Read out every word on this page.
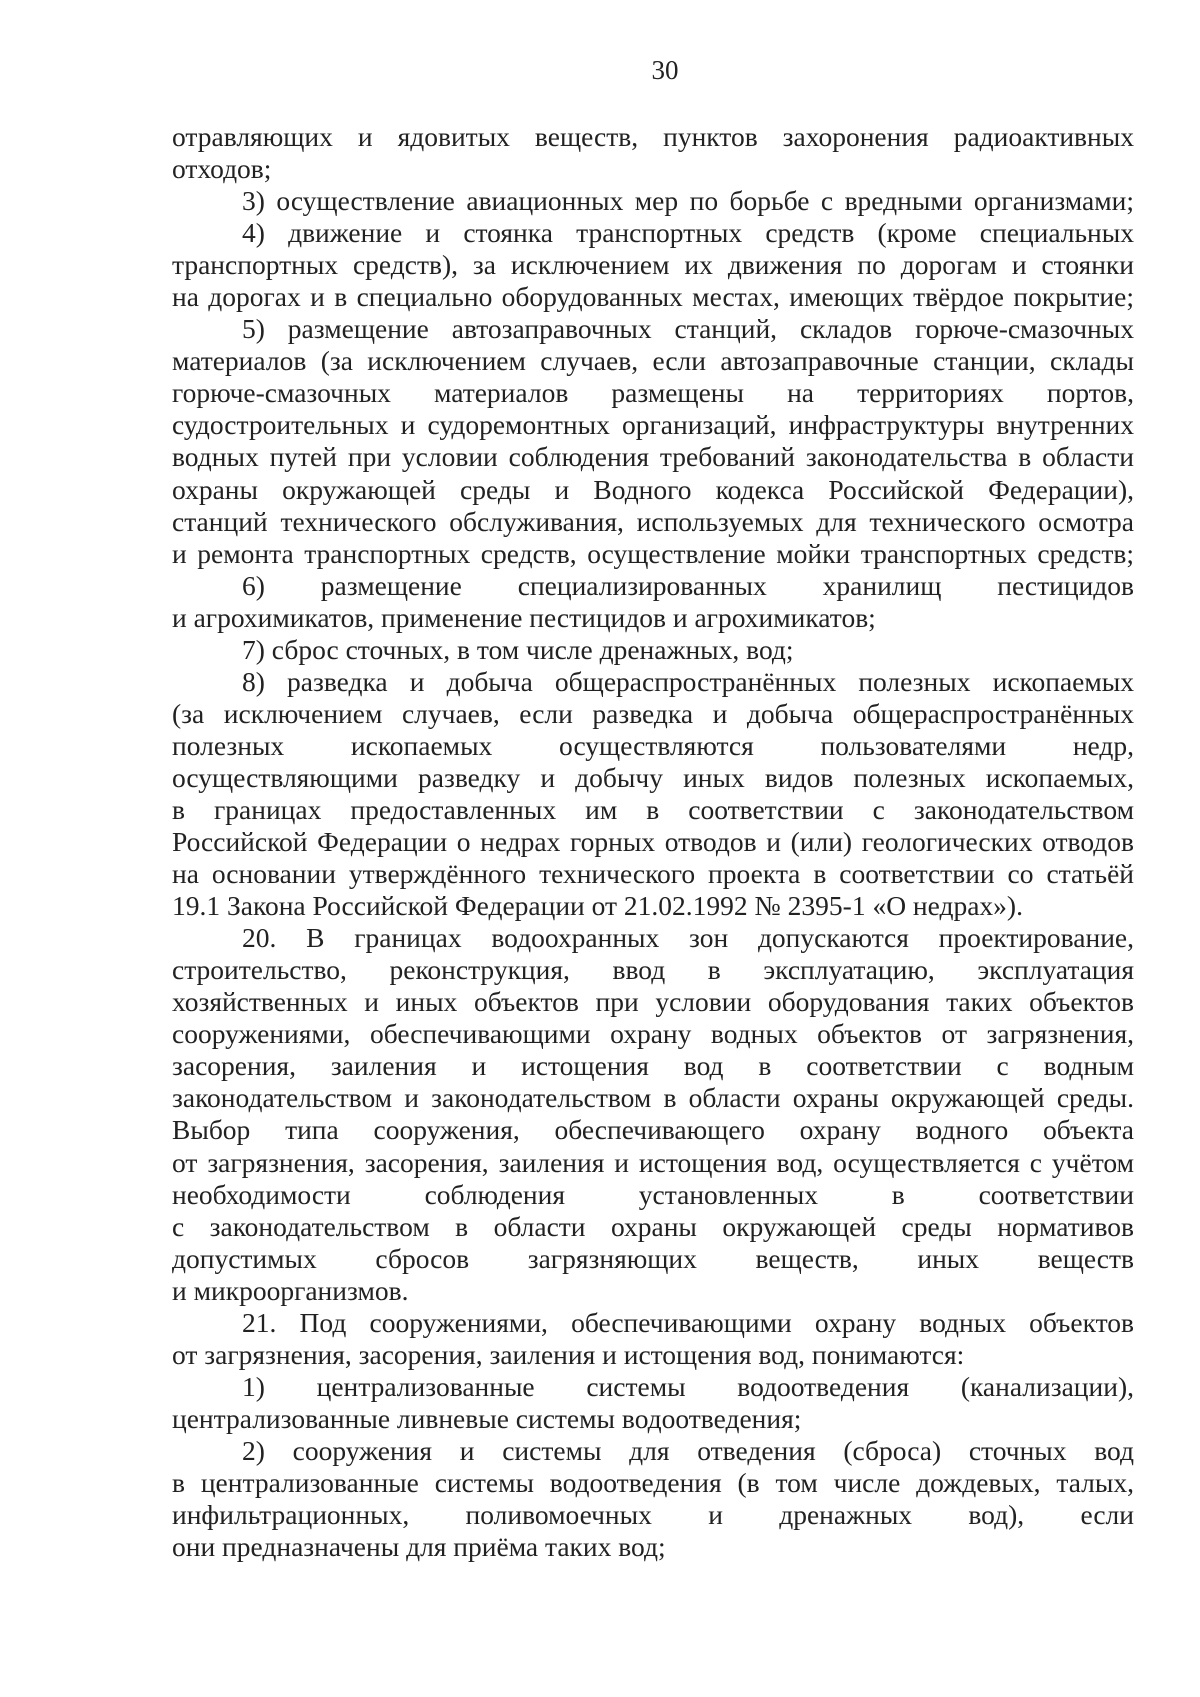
30
отравляющих и ядовитых веществ, пунктов захоронения радиоактивных
отходов;
3) осуществление авиационных мер по борьбе с вредными организмами;
4) движение и стоянка транспортных средств (кроме специальных
транспортных средств), за исключением их движения по дорогам и стоянки
на дорогах и в специально оборудованных местах, имеющих твёрдое покрытие;
5) размещение автозаправочных станций, складов горюче-смазочных
материалов (за исключением случаев, если автозаправочные станции, склады
горюче-смазочных материалов размещены на территориях портов,
судостроительных и судоремонтных организаций, инфраструктуры внутренних
водных путей при условии соблюдения требований законодательства в области
охраны окружающей среды и Водного кодекса Российской Федерации),
станций технического обслуживания, используемых для технического осмотра
и ремонта транспортных средств, осуществление мойки транспортных средств;
6) размещение специализированных хранилищ пестицидов
и агрохимикатов, применение пестицидов и агрохимикатов;
7) сброс сточных, в том числе дренажных, вод;
8) разведка и добыча общераспространённых полезных ископаемых
(за исключением случаев, если разведка и добыча общераспространённых
полезных ископаемых осуществляются пользователями недр,
осуществляющими разведку и добычу иных видов полезных ископаемых,
в границах предоставленных им в соответствии с законодательством
Российской Федерации о недрах горных отводов и (или) геологических отводов
на основании утверждённого технического проекта в соответствии со статьёй
19.1 Закона Российской Федерации от 21.02.1992 № 2395-1 «О недрах»).
20. В границах водоохранных зон допускаются проектирование,
строительство, реконструкция, ввод в эксплуатацию, эксплуатация
хозяйственных и иных объектов при условии оборудования таких объектов
сооружениями, обеспечивающими охрану водных объектов от загрязнения,
засорения, заиления и истощения вод в соответствии с водным
законодательством и законодательством в области охраны окружающей среды.
Выбор типа сооружения, обеспечивающего охрану водного объекта
от загрязнения, засорения, заиления и истощения вод, осуществляется с учётом
необходимости соблюдения установленных в соответствии
с законодательством в области охраны окружающей среды нормативов
допустимых сбросов загрязняющих веществ, иных веществ
и микроорганизмов.
21. Под сооружениями, обеспечивающими охрану водных объектов
от загрязнения, засорения, заиления и истощения вод, понимаются:
1) централизованные системы водоотведения (канализации),
централизованные ливневые системы водоотведения;
2) сооружения и системы для отведения (сброса) сточных вод
в централизованные системы водоотведения (в том числе дождевых, талых,
инфильтрационных, поливомоечных и дренажных вод), если
они предназначены для приёма таких вод;
